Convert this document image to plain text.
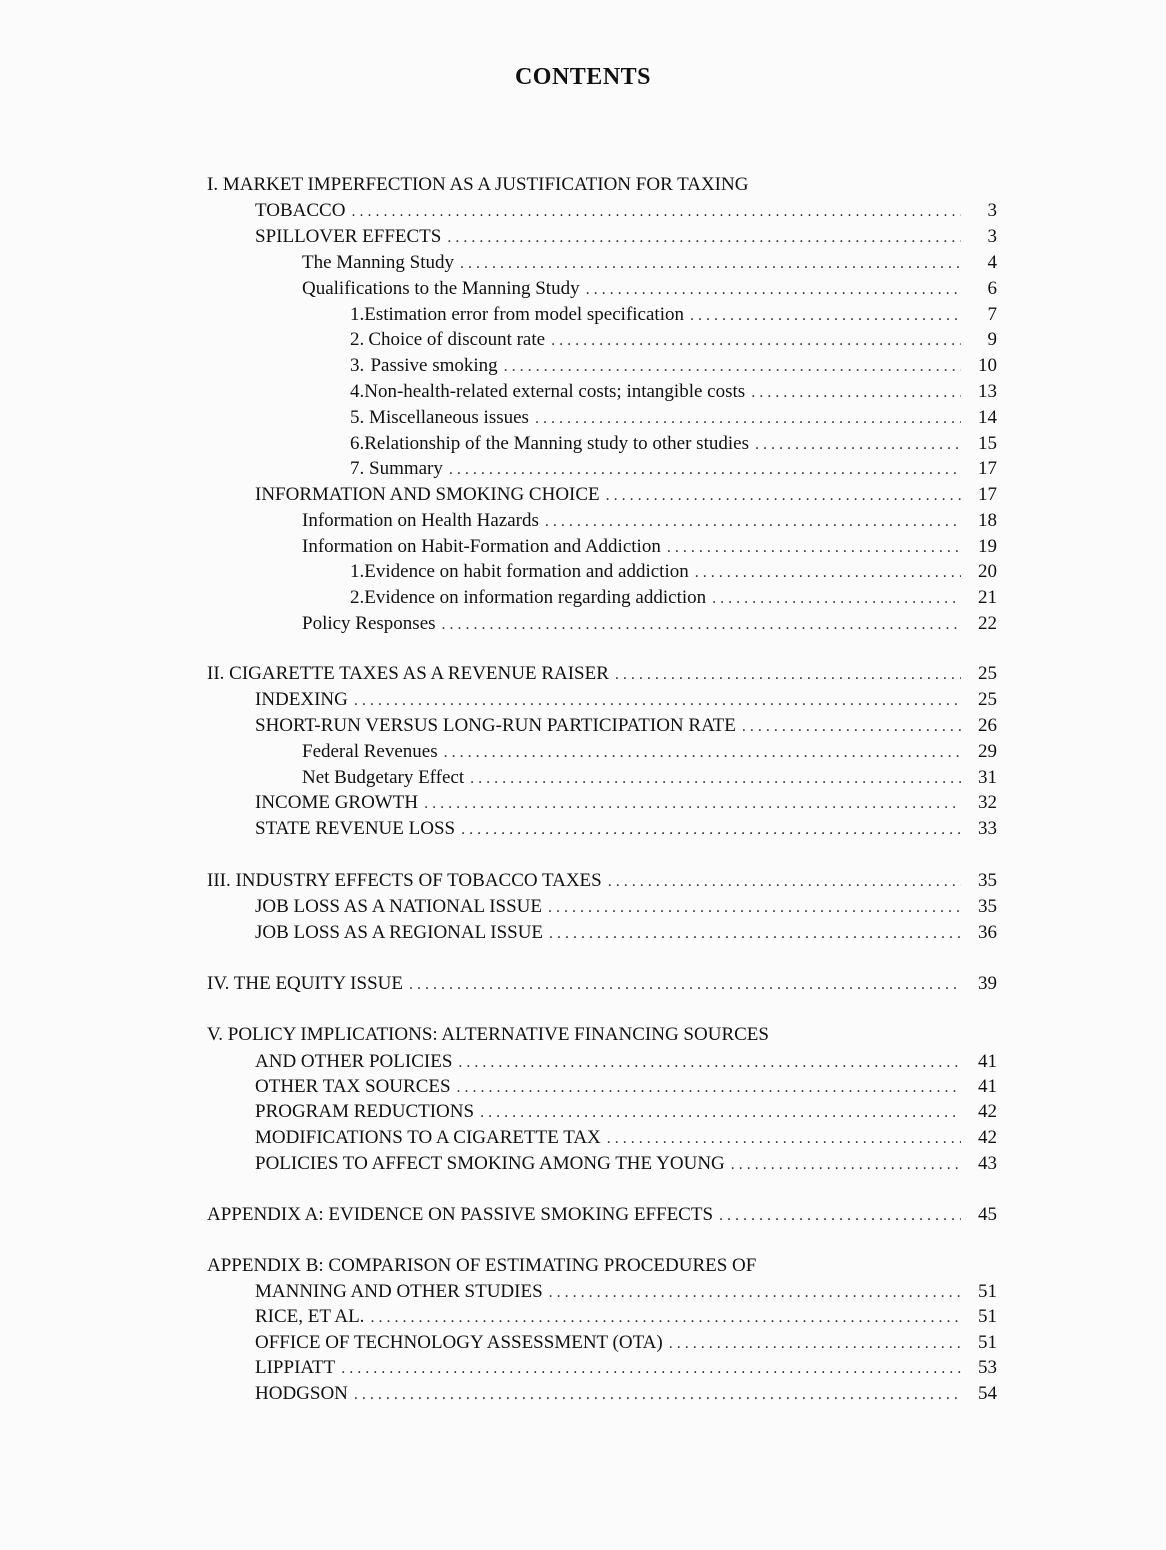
CONTENTS
I. MARKET IMPERFECTION AS A JUSTIFICATION FOR TAXING
TOBACCO . . .	3
SPILLOVER EFFECTS . . .	3
The Manning Study . . .	4
Qualifications to the Manning Study . . .	6
1. Estimation error from model specification . . .	7
2. Choice of discount rate . . .	9
3. Passive smoking . . .	10
4. Non-health-related external costs; intangible costs . . .	13
5. Miscellaneous issues . . .	14
6. Relationship of the Manning study to other studies . . .	15
7. Summary . . .	17
INFORMATION AND SMOKING CHOICE . . .	17
Information on Health Hazards . . .	18
Information on Habit-Formation and Addiction . . .	19
1. Evidence on habit formation and addiction . . .	20
2. Evidence on information regarding addiction . . .	21
Policy Responses . . .	22
II. CIGARETTE TAXES AS A REVENUE RAISER . . .	25
INDEXING . . .	25
SHORT-RUN VERSUS LONG-RUN PARTICIPATION RATE . . .	26
Federal Revenues . . .	29
Net Budgetary Effect . . .	31
INCOME GROWTH . . .	32
STATE REVENUE LOSS . . .	33
III. INDUSTRY EFFECTS OF TOBACCO TAXES . . .	35
JOB LOSS AS A NATIONAL ISSUE . . .	35
JOB LOSS AS A REGIONAL ISSUE . . .	36
IV. THE EQUITY ISSUE . . .	39
V. POLICY IMPLICATIONS: ALTERNATIVE FINANCING SOURCES
AND OTHER POLICIES . . .	41
OTHER TAX SOURCES . . .	41
PROGRAM REDUCTIONS . . .	42
MODIFICATIONS TO A CIGARETTE TAX . . .	42
POLICIES TO AFFECT SMOKING AMONG THE YOUNG . . .	43
APPENDIX A: EVIDENCE ON PASSIVE SMOKING EFFECTS . . .	45
APPENDIX B: COMPARISON OF ESTIMATING PROCEDURES OF
MANNING AND OTHER STUDIES . . .	51
RICE, ET AL. . . .	51
OFFICE OF TECHNOLOGY ASSESSMENT (OTA) . . .	51
LIPPIATT . . .	53
HODGSON . . .	54
